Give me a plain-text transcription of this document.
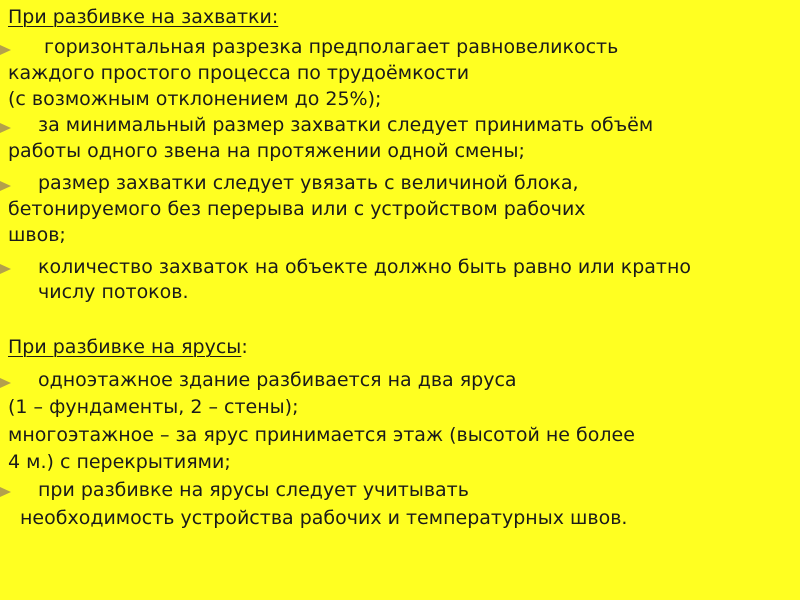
При разбивке на захватки:
горизонтальная разрезка предполагает равновеликость
каждого простого процесса по трудоёмкости
(с возможным отклонением до 25%);
за минимальный размер захватки следует принимать объём
работы одного звена на протяжении одной смены;
размер захватки следует увязать с величиной блока,
бетонируемого без перерыва или с устройством рабочих
швов;
количество захваток на объекте должно быть равно или кратно
числу потоков.
При разбивке на ярусы:
одноэтажное здание разбивается на два яруса
(1 – фундаменты, 2 – стены);
многоэтажное – за ярус принимается этаж (высотой не более
4 м.) с перекрытиями;
при разбивке на ярусы следует учитывать
необходимость устройства рабочих и температурных швов.
